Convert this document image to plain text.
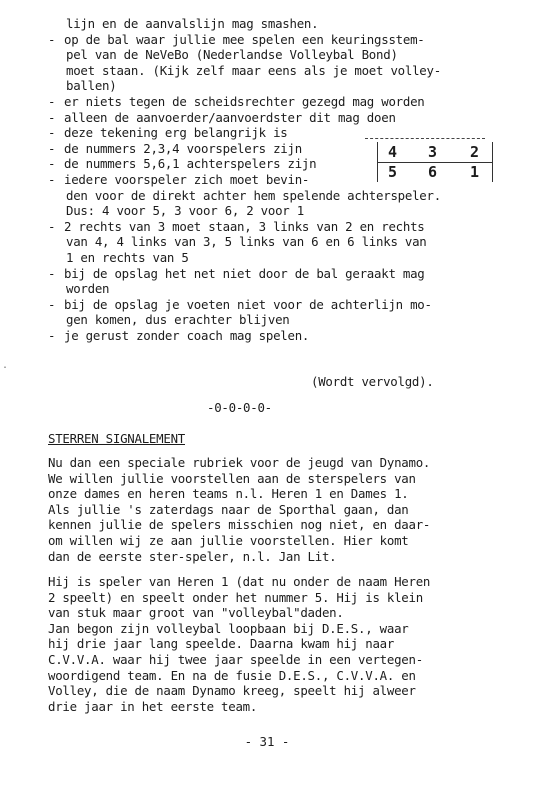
lijn en de aanvalslijn mag smashen.
- op de bal waar jullie mee spelen een keuringsstem-
pel van de NeVeBo (Nederlandse Volleybal Bond)
moet staan. (Kijk zelf maar eens als je moet volley-
ballen)
- er niets tegen de scheidsrechter gezegd mag worden
- alleen de aanvoerder/aanvoerdster dit mag doen
- deze tekening erg belangrijk is
- de nummers 2,3,4 voorspelers zijn
- de nummers 5,6,1 achterspelers zijn
- iedere voorspeler zich moet bevin-
den voor de direkt achter hem spelende achterspeler.
Dus: 4 voor 5, 3 voor 6, 2 voor 1
- 2 rechts van 3 moet staan, 3 links van 2 en rechts
van 4, 4 links van 3, 5 links van 6 en 6 links van
1 en rechts van 5
- bij de opslag het net niet door de bal geraakt mag
worden
- bij de opslag je voeten niet voor de achterlijn mo-
gen komen, dus erachter blijven
- je gerust zonder coach mag spelen.
4 3 2
5 6 1
(Wordt vervolgd).
-0-0-0-0-
STERREN SIGNALEMENT
Nu dan een speciale rubriek voor de jeugd van Dynamo.
We willen jullie voorstellen aan de sterspelers van
onze dames en heren teams n.l. Heren 1 en Dames 1.
Als jullie 's zaterdags naar de Sporthal gaan, dan
kennen jullie de spelers misschien nog niet, en daar-
om willen wij ze aan jullie voorstellen. Hier komt
dan de eerste ster-speler, n.l. Jan Lit.
Hij is speler van Heren 1 (dat nu onder de naam Heren
2 speelt) en speelt onder het nummer 5. Hij is klein
van stuk maar groot van "volleybal"daden.
Jan begon zijn volleybal loopbaan bij D.E.S., waar
hij drie jaar lang speelde. Daarna kwam hij naar
C.V.V.A. waar hij twee jaar speelde in een vertegen-
woordigend team. En na de fusie D.E.S., C.V.V.A. en
Volley, die de naam Dynamo kreeg, speelt hij alweer
drie jaar in het eerste team.
- 31 -
.
